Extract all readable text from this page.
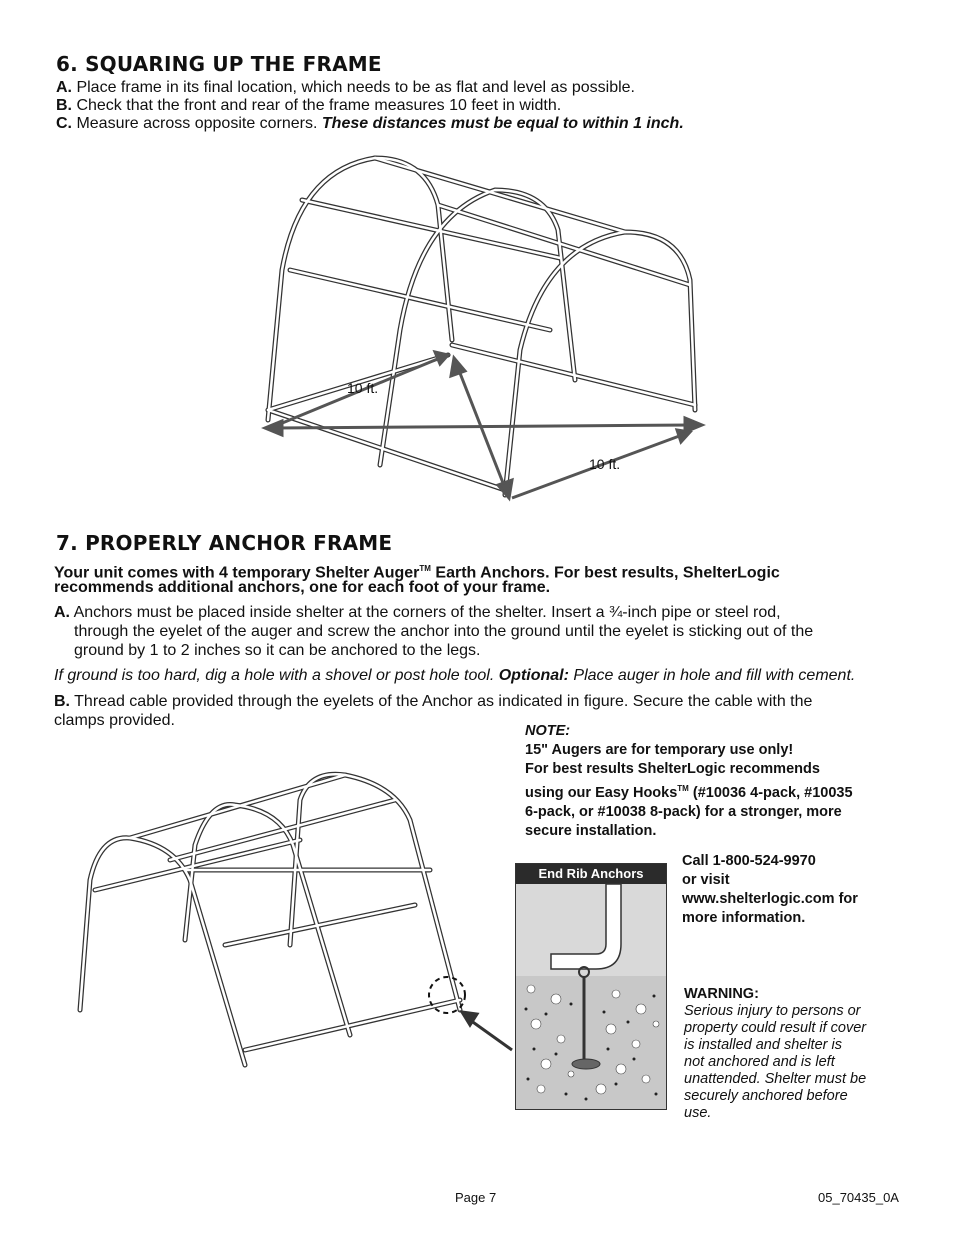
6. SQUARING UP THE FRAME
A. Place frame in its final location, which needs to be as flat and level as possible.
B. Check that the front and rear of the frame measures 10 feet in width.
C. Measure across opposite corners. These distances must be equal to within 1 inch.
10 ft.
10 ft.
7. PROPERLY ANCHOR FRAME
Your unit comes with 4 temporary Shelter Auger™ Earth Anchors. For best results, ShelterLogic
recommends additional anchors, one for each foot of your frame.
A. Anchors must be placed inside shelter at the corners of the shelter. Insert a ¾-inch pipe or steel rod,
through the eyelet of the auger and screw the anchor into the ground until the eyelet is sticking out of the
ground by 1 to 2 inches so it can be anchored to the legs.
If ground is too hard, dig a hole with a shovel or post hole tool. Optional: Place auger in hole and fill with cement.
B. Thread cable provided through the eyelets of the Anchor as indicated in figure. Secure the cable with the
clamps provided.
NOTE:
15" Augers are for temporary use only!
For best results ShelterLogic recommends
using our Easy Hooks™ (#10036 4-pack, #10035
6-pack, or #10038 8-pack) for a stronger, more
secure installation.
Call 1-800-524-9970
or visit
www.shelterlogic.com for
more information.
WARNING:
Serious injury to persons or
property could result if cover
is installed and shelter is
not anchored and is left
unattended. Shelter must be
securely anchored before
use.
End Rib Anchors
Page 7	05_70435_0A
